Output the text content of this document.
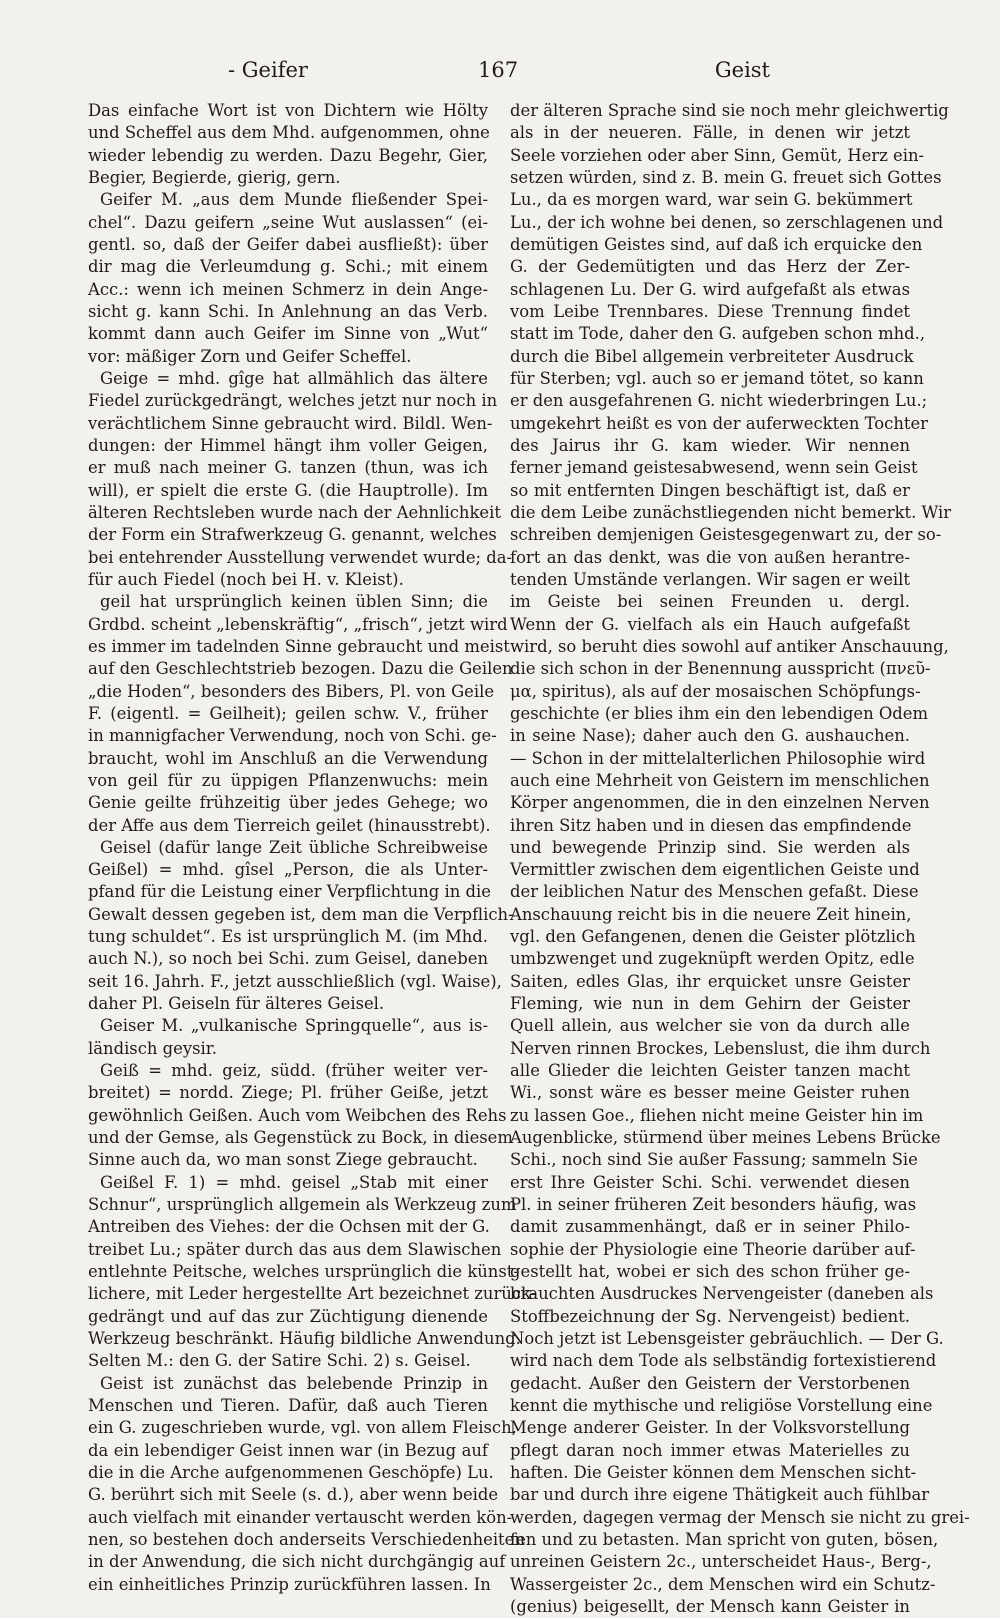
- Geifer	167	Geist
Das einfache Wort ist von Dichtern wie Hölty
und Scheffel aus dem Mhd. aufgenommen, ohne
wieder lebendig zu werden. Dazu Begehr, Gier,
Begier, Begierde, gierig, gern.
Geifer M. „aus dem Munde fließender Spei-
chel“. Dazu geifern „seine Wut auslassen“ (ei-
gentl. so, daß der Geifer dabei ausfließt): über
dir mag die Verleumdung g. Schi.; mit einem
Acc.: wenn ich meinen Schmerz in dein Ange-
sicht g. kann Schi. In Anlehnung an das Verb.
kommt dann auch Geifer im Sinne von „Wut“
vor: mäßiger Zorn und Geifer Scheffel.
Geige = mhd. gîge hat allmählich das ältere
Fiedel zurückgedrängt, welches jetzt nur noch in
verächtlichem Sinne gebraucht wird. Bildl. Wen-
dungen: der Himmel hängt ihm voller Geigen,
er muß nach meiner G. tanzen (thun, was ich
will), er spielt die erste G. (die Hauptrolle). Im
älteren Rechtsleben wurde nach der Aehnlichkeit
der Form ein Strafwerkzeug G. genannt, welches
bei entehrender Ausstellung verwendet wurde; da-
für auch Fiedel (noch bei H. v. Kleist).
geil hat ursprünglich keinen üblen Sinn; die
Grdbd. scheint „lebenskräftig“, „frisch“, jetzt wird
es immer im tadelnden Sinne gebraucht und meist
auf den Geschlechtstrieb bezogen. Dazu die Geilen
„die Hoden“, besonders des Bibers, Pl. von Geile
F. (eigentl. = Geilheit); geilen schw. V., früher
in mannigfacher Verwendung, noch von Schi. ge-
braucht, wohl im Anschluß an die Verwendung
von geil für zu üppigen Pflanzenwuchs: mein
Genie geilte frühzeitig über jedes Gehege; wo
der Affe aus dem Tierreich geilet (hinausstrebt).
Geisel (dafür lange Zeit übliche Schreibweise
Geißel) = mhd. gîsel „Person, die als Unter-
pfand für die Leistung einer Verpflichtung in die
Gewalt dessen gegeben ist, dem man die Verpflich-
tung schuldet“. Es ist ursprünglich M. (im Mhd.
auch N.), so noch bei Schi. zum Geisel, daneben
seit 16. Jahrh. F., jetzt ausschließlich (vgl. Waise),
daher Pl. Geiseln für älteres Geisel.
Geiser M. „vulkanische Springquelle“, aus is-
ländisch geysir.
Geiß = mhd. geiz, südd. (früher weiter ver-
breitet) = nordd. Ziege; Pl. früher Geiße, jetzt
gewöhnlich Geißen. Auch vom Weibchen des Rehs
und der Gemse, als Gegenstück zu Bock, in diesem
Sinne auch da, wo man sonst Ziege gebraucht.
Geißel F. 1) = mhd. geisel „Stab mit einer
Schnur“, ursprünglich allgemein als Werkzeug zum
Antreiben des Viehes: der die Ochsen mit der G.
treibet Lu.; später durch das aus dem Slawischen
entlehnte Peitsche, welches ursprünglich die künst-
lichere, mit Leder hergestellte Art bezeichnet zurück-
gedrängt und auf das zur Züchtigung dienende
Werkzeug beschränkt. Häufig bildliche Anwendung.
Selten M.: den G. der Satire Schi. 2) s. Geisel.
Geist ist zunächst das belebende Prinzip in
Menschen und Tieren. Dafür, daß auch Tieren
ein G. zugeschrieben wurde, vgl. von allem Fleisch,
da ein lebendiger Geist innen war (in Bezug auf
die in die Arche aufgenommenen Geschöpfe) Lu.
G. berührt sich mit Seele (s. d.), aber wenn beide
auch vielfach mit einander vertauscht werden kön-
nen, so bestehen doch anderseits Verschiedenheiten
in der Anwendung, die sich nicht durchgängig auf
ein einheitliches Prinzip zurückführen lassen. In
der älteren Sprache sind sie noch mehr gleichwertig
als in der neueren. Fälle, in denen wir jetzt
Seele vorziehen oder aber Sinn, Gemüt, Herz ein-
setzen würden, sind z. B. mein G. freuet sich Gottes
Lu., da es morgen ward, war sein G. bekümmert
Lu., der ich wohne bei denen, so zerschlagenen und
demütigen Geistes sind, auf daß ich erquicke den
G. der Gedemütigten und das Herz der Zer-
schlagenen Lu. Der G. wird aufgefaßt als etwas
vom Leibe Trennbares. Diese Trennung findet
statt im Tode, daher den G. aufgeben schon mhd.,
durch die Bibel allgemein verbreiteter Ausdruck
für Sterben; vgl. auch so er jemand tötet, so kann
er den ausgefahrenen G. nicht wiederbringen Lu.;
umgekehrt heißt es von der auferweckten Tochter
des Jairus ihr G. kam wieder. Wir nennen
ferner jemand geistesabwesend, wenn sein Geist
so mit entfernten Dingen beschäftigt ist, daß er
die dem Leibe zunächstliegenden nicht bemerkt. Wir
schreiben demjenigen Geistesgegenwart zu, der so-
fort an das denkt, was die von außen herantre-
tenden Umstände verlangen. Wir sagen er weilt
im Geiste bei seinen Freunden u. dergl.
Wenn der G. vielfach als ein Hauch aufgefaßt
wird, so beruht dies sowohl auf antiker Anschauung,
die sich schon in der Benennung ausspricht (πνεῦ-
μα, spiritus), als auf der mosaischen Schöpfungs-
geschichte (er blies ihm ein den lebendigen Odem
in seine Nase); daher auch den G. aushauchen.
— Schon in der mittelalterlichen Philosophie wird
auch eine Mehrheit von Geistern im menschlichen
Körper angenommen, die in den einzelnen Nerven
ihren Sitz haben und in diesen das empfindende
und bewegende Prinzip sind. Sie werden als
Vermittler zwischen dem eigentlichen Geiste und
der leiblichen Natur des Menschen gefaßt. Diese
Anschauung reicht bis in die neuere Zeit hinein,
vgl. den Gefangenen, denen die Geister plötzlich
umbzwenget und zugeknüpft werden Opitz, edle
Saiten, edles Glas, ihr erquicket unsre Geister
Fleming, wie nun in dem Gehirn der Geister
Quell allein, aus welcher sie von da durch alle
Nerven rinnen Brockes, Lebenslust, die ihm durch
alle Glieder die leichten Geister tanzen macht
Wi., sonst wäre es besser meine Geister ruhen
zu lassen Goe., fliehen nicht meine Geister hin im
Augenblicke, stürmend über meines Lebens Brücke
Schi., noch sind Sie außer Fassung; sammeln Sie
erst Ihre Geister Schi. Schi. verwendet diesen
Pl. in seiner früheren Zeit besonders häufig, was
damit zusammenhängt, daß er in seiner Philo-
sophie der Physiologie eine Theorie darüber auf-
gestellt hat, wobei er sich des schon früher ge-
brauchten Ausdruckes Nervengeister (daneben als
Stoffbezeichnung der Sg. Nervengeist) bedient.
Noch jetzt ist Lebensgeister gebräuchlich. — Der G.
wird nach dem Tode als selbständig fortexistierend
gedacht. Außer den Geistern der Verstorbenen
kennt die mythische und religiöse Vorstellung eine
Menge anderer Geister. In der Volksvorstellung
pflegt daran noch immer etwas Materielles zu
haften. Die Geister können dem Menschen sicht-
bar und durch ihre eigene Thätigkeit auch fühlbar
werden, dagegen vermag der Mensch sie nicht zu grei-
fen und zu betasten. Man spricht von guten, bösen,
unreinen Geistern 2c., unterscheidet Haus-, Berg-,
Wassergeister 2c., dem Menschen wird ein Schutz-
(genius) beigesellt, der Mensch kann Geister in
